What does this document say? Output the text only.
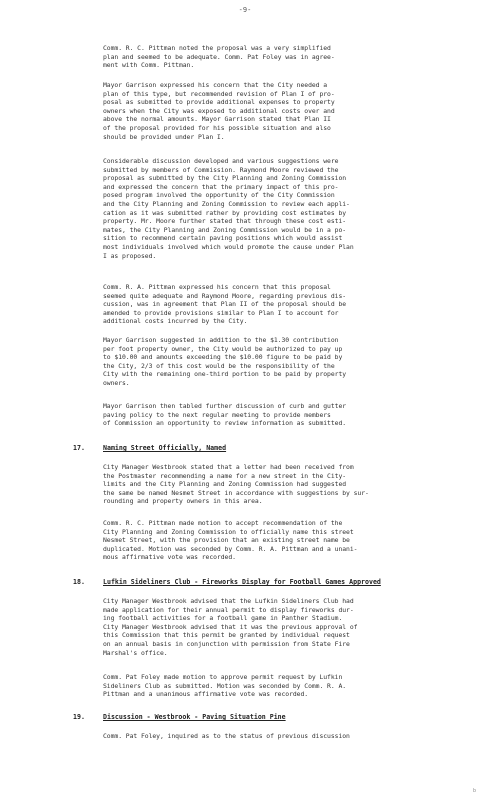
-9-

Comm. R. C. Pittman noted the proposal was a very simplified
plan and seemed to be adequate. Comm. Pat Foley was in agree-
ment with Comm. Pittman.

Mayor Garrison expressed his concern that the City needed a
plan of this type, but recommended revision of Plan I of pro-
posal as submitted to provide additional expenses to property
owners when the City was exposed to additional costs over and
above the normal amounts. Mayor Garrison stated that Plan II
of the proposal provided for his possible situation and also
should be provided under Plan I.

Considerable discussion developed and various suggestions were
submitted by members of Commission. Raymond Moore reviewed the
proposal as submitted by the City Planning and Zoning Commission
and expressed the concern that the primary impact of this pro-
posed program involved the opportunity of the City Commission
and the City Planning and Zoning Commission to review each appli-
cation as it was submitted rather by providing cost estimates by
property. Mr. Moore further stated that through these cost esti-
mates, the City Planning and Zoning Commission would be in a po-
sition to recommend certain paving positions which would assist
most individuals involved which would promote the cause under Plan
I as proposed.

Comm. R. A. Pittman expressed his concern that this proposal
seemed quite adequate and Raymond Moore, regarding previous dis-
cussion, was in agreement that Plan II of the proposal should be
amended to provide provisions similar to Plan I to account for
additional costs incurred by the City.

Mayor Garrison suggested in addition to the $1.30 contribution
per foot property owner, the City would be authorized to pay up
to $10.00 and amounts exceeding the $10.00 figure to be paid by
the City, 2/3 of this cost would be the responsibility of the
City with the remaining one-third portion to be paid by property
owners.

Mayor Garrison then tabled further discussion of curb and gutter
paving policy to the next regular meeting to provide members
of Commission an opportunity to review information as submitted.

17.	Naming Street Officially, Named

City Manager Westbrook stated that a letter had been received from
the Postmaster recommending a name for a new street in the City-
limits and the City Planning and Zoning Commission had suggested
the same be named Nesmet Street in accordance with suggestions by sur-
rounding and property owners in this area.

Comm. R. C. Pittman made motion to accept recommendation of the
City Planning and Zoning Commission to officially name this street
Nesmet Street, with the provision that an existing street name be
duplicated. Motion was seconded by Comm. R. A. Pittman and a unani-
mous affirmative vote was recorded.

18.	Lufkin Sideliners Club - Fireworks Display for Football Games Approved

City Manager Westbrook advised that the Lufkin Sideliners Club had
made application for their annual permit to display fireworks dur-
ing football activities for a football game in Panther Stadium.
City Manager Westbrook advised that it was the previous approval of
this Commission that this permit be granted by individual request
on an annual basis in conjunction with permission from State Fire
Marshal's office.

Comm. Pat Foley made motion to approve permit request by Lufkin
Sideliners Club as submitted. Motion was seconded by Comm. R. A.
Pittman and a unanimous affirmative vote was recorded.

19.	Discussion - Westbrook - Paving Situation Pine

Comm. Pat Foley, inquired as to the status of previous discussion

b
